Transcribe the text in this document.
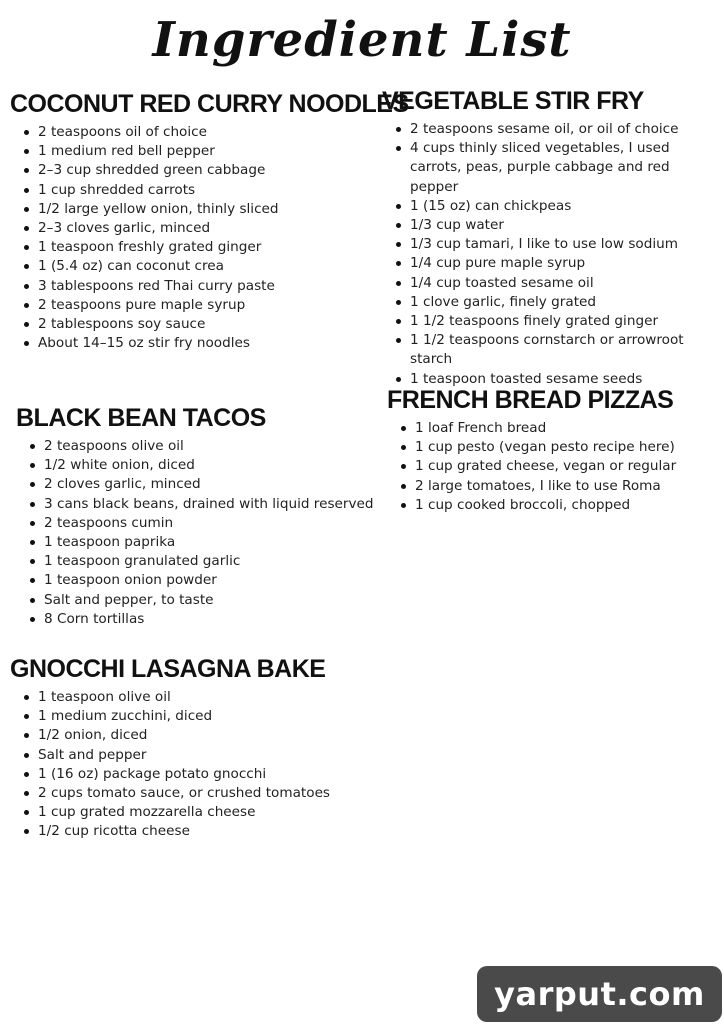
Ingredient List
COCONUT RED CURRY NOODLES
2 teaspoons oil of choice
1 medium red bell pepper
2–3 cup shredded green cabbage
1 cup shredded carrots
1/2 large yellow onion, thinly sliced
2–3 cloves garlic, minced
1 teaspoon freshly grated ginger
1 (5.4 oz) can coconut crea
3 tablespoons red Thai curry paste
2 teaspoons pure maple syrup
2 tablespoons soy sauce
About 14–15 oz stir fry noodles
BLACK BEAN TACOS
2 teaspoons olive oil
1/2 white onion, diced
2 cloves garlic, minced
3 cans black beans, drained with liquid reserved
2 teaspoons cumin
1 teaspoon paprika
1 teaspoon granulated garlic
1 teaspoon onion powder
Salt and pepper, to taste
8 Corn tortillas
GNOCCHI LASAGNA BAKE
1 teaspoon olive oil
1 medium zucchini, diced
1/2 onion, diced
Salt and pepper
1 (16 oz) package potato gnocchi
2 cups tomato sauce, or crushed tomatoes
1 cup grated mozzarella cheese
1/2 cup ricotta cheese
VEGETABLE STIR FRY
2 teaspoons sesame oil, or oil of choice
4 cups thinly sliced vegetables, I used carrots, peas, purple cabbage and red pepper
1 (15 oz) can chickpeas
1/3 cup water
1/3 cup tamari, I like to use low sodium
1/4 cup pure maple syrup
1/4 cup toasted sesame oil
1 clove garlic, finely grated
1 1/2 teaspoons finely grated ginger
1 1/2 teaspoons cornstarch or arrowroot starch
1 teaspoon toasted sesame seeds
FRENCH BREAD PIZZAS
1 loaf French bread
1 cup pesto (vegan pesto recipe here)
1 cup grated cheese, vegan or regular
2 large tomatoes, I like to use Roma
1 cup cooked broccoli, chopped
yarput.com
